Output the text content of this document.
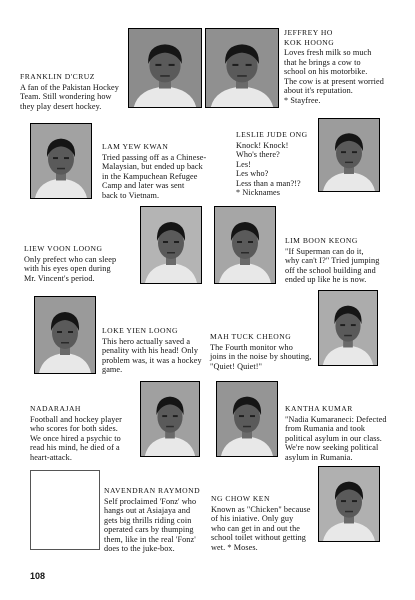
FRANKLIN D'CRUZ
A fan of the Pakistan Hockey
Team. Still wondering how
they play desert hockey.
JEFFREY HO
KOK HOONG
Loves fresh milk so much
that he brings a cow to
school on his motorbike.
The cow is at present worried
about it's reputation.
* Stayfree.
LAM YEW KWAN
Tried passing off as a Chinese-
Malaysian, but ended up back
in the Kampuchean Refugee
Camp and later was sent
back to Vietnam.
LESLIE JUDE ONG
Knock! Knock!
Who's there?
Les!
Les who?
Less than a man?!?
* Nicknames
LIEW VOON LOONG
Only prefect who can sleep
with his eyes open during
Mr. Vincent's period.
LIM BOON KEONG
"If Superman can do it,
why can't I?" Tried jumping
off the school building and
ended up like he is now.
LOKE YIEN LOONG
This hero actually saved a
penality with his head! Only
problem was, it was a hockey
game.
MAH TUCK CHEONG
The Fourth monitor who
joins in the noise by shouting,
"Quiet! Quiet!"
NADARAJAH
Football and hockey player
who scores for both sides.
We once hired a psychic to
read his mind, he died of a
heart-attack.
KANTHA KUMAR
"Nadia Kumaraneci: Defected
from Rumania and took
political asylum in our class.
We're now seeking political
asylum in Rumania.
NAVENDRAN RAYMOND
Self proclaimed 'Fonz' who
hangs out at Asiajaya and
gets big thrills riding coin
operated cars by thumping
them, like in the real 'Fonz'
does to the juke-box.
NG CHOW KEN
Known as "Chicken" because
of his iniative. Only guy
who can get in and out the
school toilet without getting
wet. * Moses.
108
